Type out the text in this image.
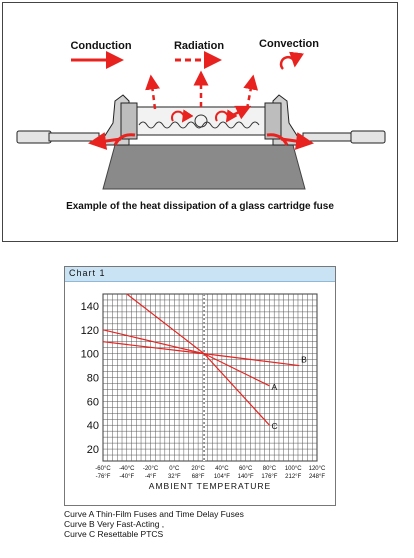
Conduction	Radiation	Convection
Example of the heat dissipation of a glass cartridge fuse
Chart 1
20
40
60
80
100
120
140
-60°C
-76°F
-40°C
-40°F
-20°C
-4°F
0°C
32°F
20°C
68°F
40°C
104°F
60°C
140°F
80°C
176°F
100°C
212°F
120°C
248°F
AMBIENT TEMPERATURE
A
B
C
Curve A Thin-Film Fuses and Time Delay Fuses
Curve B Very Fast-Acting ,
Curve C Resettable PTCS
